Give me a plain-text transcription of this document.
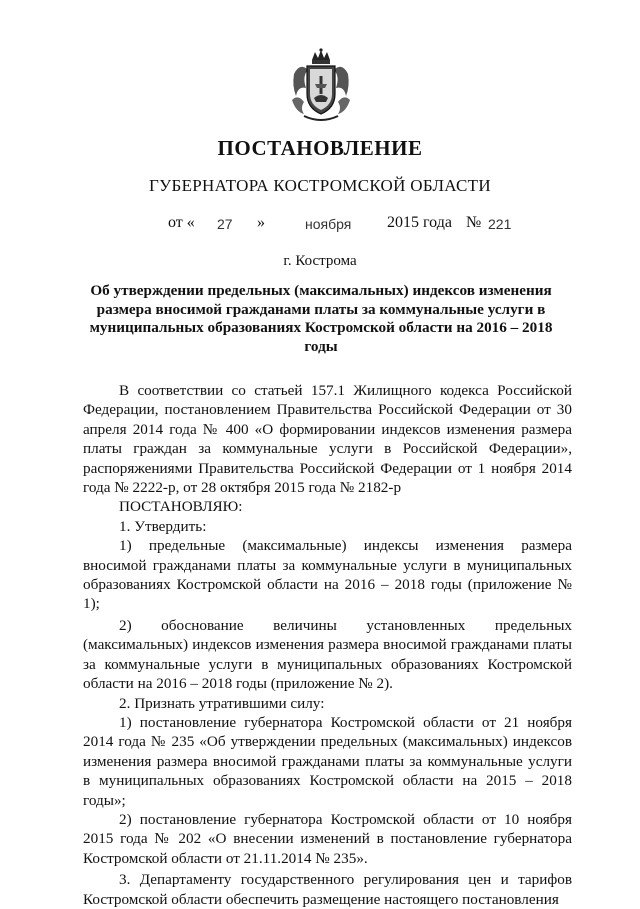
ПОСТАНОВЛЕНИЕ
ГУБЕРНАТОРА КОСТРОМСКОЙ ОБЛАСТИ
от « 27 »	ноября 2015 года № 221
г. Кострома
Об утверждении предельных (максимальных) индексов изменения размера вносимой гражданами платы за коммунальные услуги в муниципальных образованиях Костромской области на 2016 – 2018 годы

В соответствии со статьей 157.1 Жилищного кодекса Российской Федерации, постановлением Правительства Российской Федерации от 30 апреля 2014 года № 400 «О формировании индексов изменения размера платы граждан за коммунальные услуги в Российской Федерации», распоряжениями Правительства Российской Федерации от 1 ноября 2014 года № 2222-р, от 28 октября 2015 года № 2182-р

ПОСТАНОВЛЯЮ:

1. Утвердить:

1) предельные (максимальные) индексы изменения размера вносимой гражданами платы за коммунальные услуги в муниципальных образованиях Костромской области на 2016 – 2018 годы (приложение № 1);

2) обоснование величины установленных предельных (максимальных) индексов изменения размера вносимой гражданами платы за коммунальные услуги в муниципальных образованиях Костромской области на 2016 – 2018 годы (приложение № 2).

2. Признать утратившими силу:

1) постановление губернатора Костромской области от 21 ноября 2014 года № 235 «Об утверждении предельных (максимальных) индексов изменения размера вносимой гражданами платы за коммунальные услуги в муниципальных образованиях Костромской области на 2015 – 2018 годы»;

2) постановление губернатора Костромской области от 10 ноября 2015 года № 202 «О внесении изменений в постановление губернатора Костромской области от 21.11.2014 № 235».

3. Департаменту государственного регулирования цен и тарифов Костромской области обеспечить размещение настоящего постановления
